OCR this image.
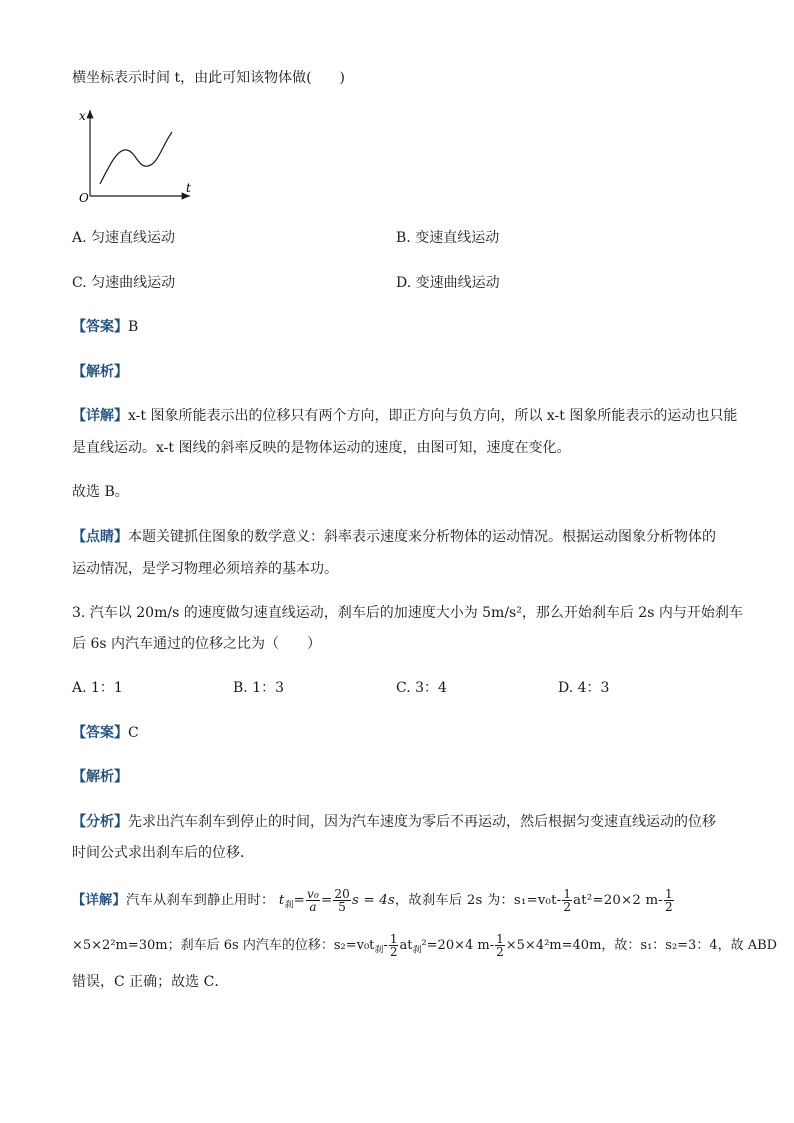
横坐标表示时间 t，由此可知该物体做(　　)
x
t
O
A. 匀速直线运动	B. 变速直线运动
C. 匀速曲线运动	D. 变速曲线运动
【答案】B
【解析】
【详解】x-t 图象所能表示出的位移只有两个方向，即正方向与负方向，所以 x-t 图象所能表示的运动也只能
是直线运动。x-t 图线的斜率反映的是物体运动的速度，由图可知，速度在变化。
故选 B。
【点睛】本题关键抓住图象的数学意义：斜率表示速度来分析物体的运动情况。根据运动图象分析物体的
运动情况，是学习物理必须培养的基本功。
3. 汽车以 20m/s 的速度做匀速直线运动，刹车后的加速度大小为 5m/s²，那么开始刹车后 2s 内与开始刹车
后 6s 内汽车通过的位移之比为（　　）
A. 1：1	B. 1：3	C. 3：4	D. 4：3
【答案】C
【解析】
【分析】先求出汽车刹车到停止的时间，因为汽车速度为零后不再运动，然后根据匀变速直线运动的位移
时间公式求出刹车后的位移．
【详解】汽车从刹车到静止用时： $t_刹= \frac{\text{v₀}}{a} = \frac{20}{5}$ s = 4s，故刹车后 2s 为：$s_1=v_0t- \frac{1}{2} at^2=20\times 2$ $m- \frac{1}{2}$
×5×2²m=30m；刹车后 6s 内汽车的位移：$s_2=v_0t_刹- \frac{1}{2} at_刹^2=20\times 4$ $m- \frac{1}{2} \times 5\times 4^2m=40m$，故：s₁：s₂=3：4，故 ABD
错误，C 正确；故选 C．
